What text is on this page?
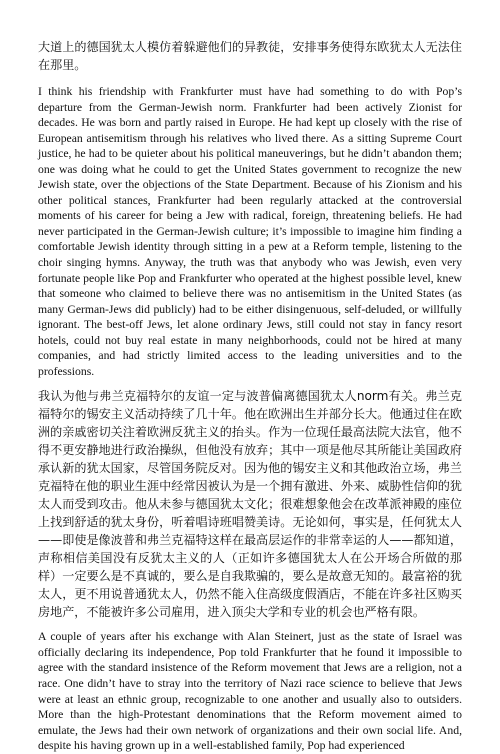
大道上的德国犹太人模仿着躲避他们的异教徒，安排事务使得东欧犹太人无法住在那里。

I think his friendship with Frankfurter must have had something to do with Pop’s departure from the German-Jewish norm. Frankfurter had been actively Zionist for decades. He was born and partly raised in Europe. He had kept up closely with the rise of European antisemitism through his relatives who lived there. As a sitting Supreme Court justice, he had to be quieter about his political maneuverings, but he didn’t abandon them; one was doing what he could to get the United States government to recognize the new Jewish state, over the objections of the State Department. Because of his Zionism and his other political stances, Frankfurter had been regularly attacked at the controversial moments of his career for being a Jew with radical, foreign, threatening beliefs. He had never participated in the German-Jewish culture; it’s impossible to imagine him finding a comfortable Jewish identity through sitting in a pew at a Reform temple, listening to the choir singing hymns. Anyway, the truth was that anybody who was Jewish, even very fortunate people like Pop and Frankfurter who operated at the highest possible level, knew that someone who claimed to believe there was no antisemitism in the United States (as many German-Jews did publicly) had to be either disingenuous, self-deluded, or willfully ignorant. The best-off Jews, let alone ordinary Jews, still could not stay in fancy resort hotels, could not buy real estate in many neighborhoods, could not be hired at many companies, and had strictly limited access to the leading universities and to the professions.

我认为他与弗兰克福特尔的友谊一定与波普偏离德国犹太人norm有关。弗兰克福特尔的锡安主义活动持续了几十年。他在欧洲出生并部分长大。他通过住在欧洲的亲戚密切关注着欧洲反犹主义的抬头。作为一位现任最高法院大法官，他不得不更安静地进行政治操纵，但他没有放弃；其中一项是他尽其所能让美国政府承认新的犹太国家，尽管国务院反对。因为他的锡安主义和其他政治立场，弗兰克福特在他的职业生涯中经常因被认为是一个拥有激进、外来、威胁性信仰的犹太人而受到攻击。他从未参与德国犹太文化；很难想象他会在改革派神殿的座位上找到舒适的犹太身份，听着唱诗班唱赞美诗。无论如何，事实是，任何犹太人——即使是像波普和弗兰克福特这样在最高层运作的非常幸运的人——都知道，声称相信美国没有反犹太主义的人（正如许多德国犹太人在公开场合所做的那样）一定要么是不真诚的，要么是自我欺骗的，要么是故意无知的。最富裕的犹太人，更不用说普通犹太人，仍然不能入住高级度假酒店，不能在许多社区购买房地产，不能被许多公司雇用，进入顶尖大学和专业的机会也严格有限。

A couple of years after his exchange with Alan Steinert, just as the state of Israel was officially declaring its independence, Pop told Frankfurter that he found it impossible to agree with the standard insistence of the Reform movement that Jews are a religion, not a race. One didn’t have to stray into the territory of Nazi race science to believe that Jews were at least an ethnic group, recognizable to one another and usually also to outsiders. More than the high-Protestant denominations that the Reform movement aimed to emulate, the Jews had their own network of organizations and their own social life. And, despite his having grown up in a well-established family, Pop had experienced
